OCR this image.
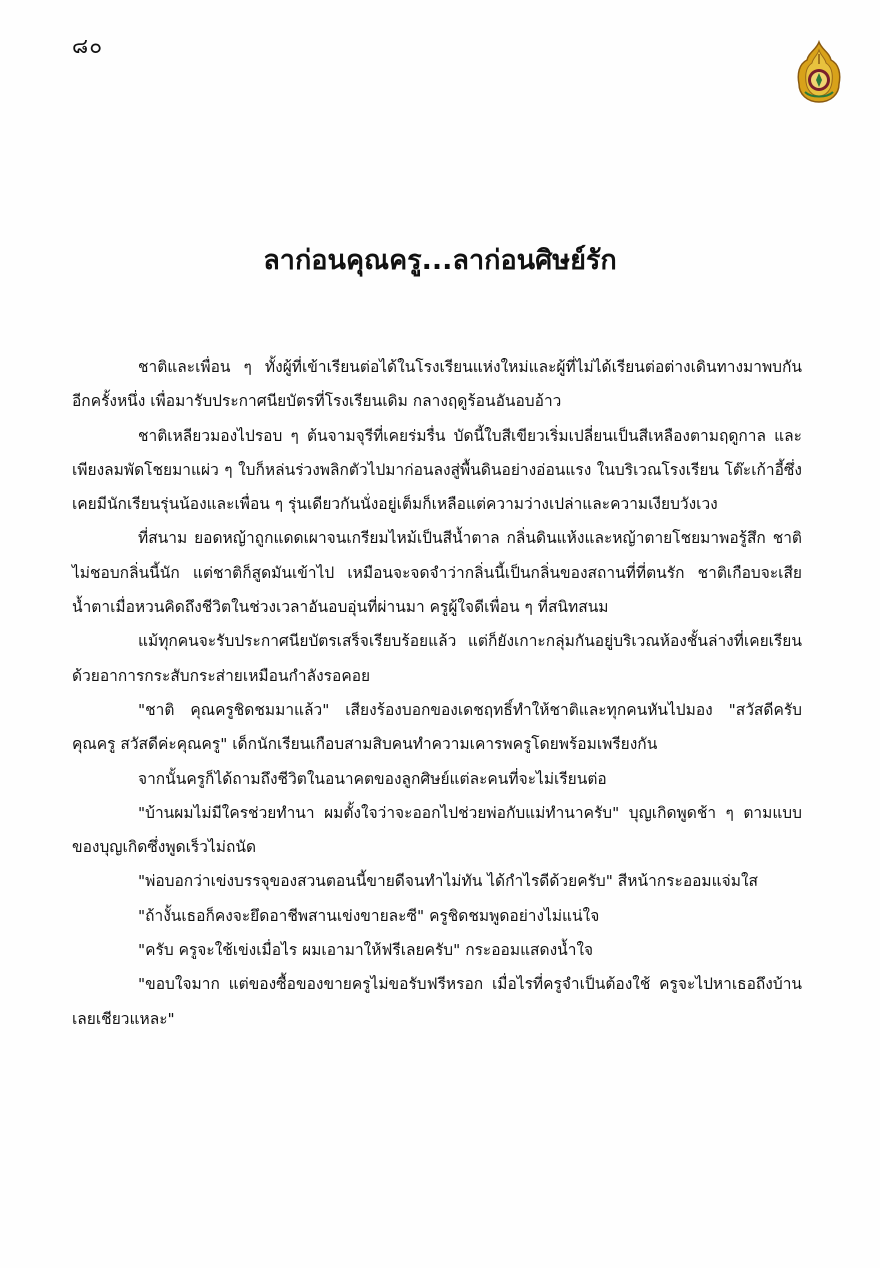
๘๐
ลาก่อนคุณครู...ลาก่อนศิษย์รัก

ชาติและเพื่อน ๆ ทั้งผู้ที่เข้าเรียนต่อได้ในโรงเรียนแห่งใหม่และผู้ที่ไม่ได้เรียนต่อต่างเดินทางมาพบกันอีกครั้งหนึ่ง เพื่อมารับประกาศนียบัตรที่โรงเรียนเดิม กลางฤดูร้อนอันอบอ้าว

ชาติเหลียวมองไปรอบ ๆ ต้นจามจุรีที่เคยร่มรื่น บัดนี้ใบสีเขียวเริ่มเปลี่ยนเป็นสีเหลืองตามฤดูกาล และเพียงลมพัดโชยมาแผ่ว ๆ ใบก็หล่นร่วงพลิกตัวไปมาก่อนลงสู่พื้นดินอย่างอ่อนแรง ในบริเวณโรงเรียน โต๊ะเก้าอี้ซึ่งเคยมีนักเรียนรุ่นน้องและเพื่อน ๆ รุ่นเดียวกันนั่งอยู่เต็มก็เหลือแต่ความว่างเปล่าและความเงียบวังเวง

ที่สนาม ยอดหญ้าถูกแดดเผาจนเกรียมไหม้เป็นสีน้ำตาล กลิ่นดินแห้งและหญ้าตายโชยมาพอรู้สึก ชาติไม่ชอบกลิ่นนี้นัก แต่ชาติก็สูดมันเข้าไป เหมือนจะจดจำว่ากลิ่นนี้เป็นกลิ่นของสถานที่ที่ตนรัก ชาติเกือบจะเสียน้ำตาเมื่อหวนคิดถึงชีวิตในช่วงเวลาอันอบอุ่นที่ผ่านมา ครูผู้ใจดีเพื่อน ๆ ที่สนิทสนม

แม้ทุกคนจะรับประกาศนียบัตรเสร็จเรียบร้อยแล้ว แต่ก็ยังเกาะกลุ่มกันอยู่บริเวณห้องชั้นล่างที่เคยเรียนด้วยอาการกระสับกระส่ายเหมือนกำลังรอคอย

"ชาติ คุณครูชิดชมมาแล้ว" เสียงร้องบอกของเดชฤทธิ์ทำให้ชาติและทุกคนหันไปมอง "สวัสดีครับคุณครู สวัสดีค่ะคุณครู" เด็กนักเรียนเกือบสามสิบคนทำความเคารพครูโดยพร้อมเพรียงกัน

จากนั้นครูก็ได้ถามถึงชีวิตในอนาคตของลูกศิษย์แต่ละคนที่จะไม่เรียนต่อ

"บ้านผมไม่มีใครช่วยทำนา ผมตั้งใจว่าจะออกไปช่วยพ่อกับแม่ทำนาครับ" บุญเกิดพูดช้า ๆ ตามแบบของบุญเกิดซึ่งพูดเร็วไม่ถนัด

"พ่อบอกว่าเข่งบรรจุของสวนตอนนี้ขายดีจนทำไม่ทัน ได้กำไรดีด้วยครับ" สีหน้ากระออมแจ่มใส

"ถ้างั้นเธอก็คงจะยึดอาชีพสานเข่งขายละซี" ครูชิดชมพูดอย่างไม่แน่ใจ

"ครับ ครูจะใช้เข่งเมื่อไร ผมเอามาให้ฟรีเลยครับ" กระออมแสดงน้ำใจ

"ขอบใจมาก แต่ของซื้อของขายครูไม่ขอรับฟรีหรอก เมื่อไรที่ครูจำเป็นต้องใช้ ครูจะไปหาเธอถึงบ้านเลยเชียวแหละ"
